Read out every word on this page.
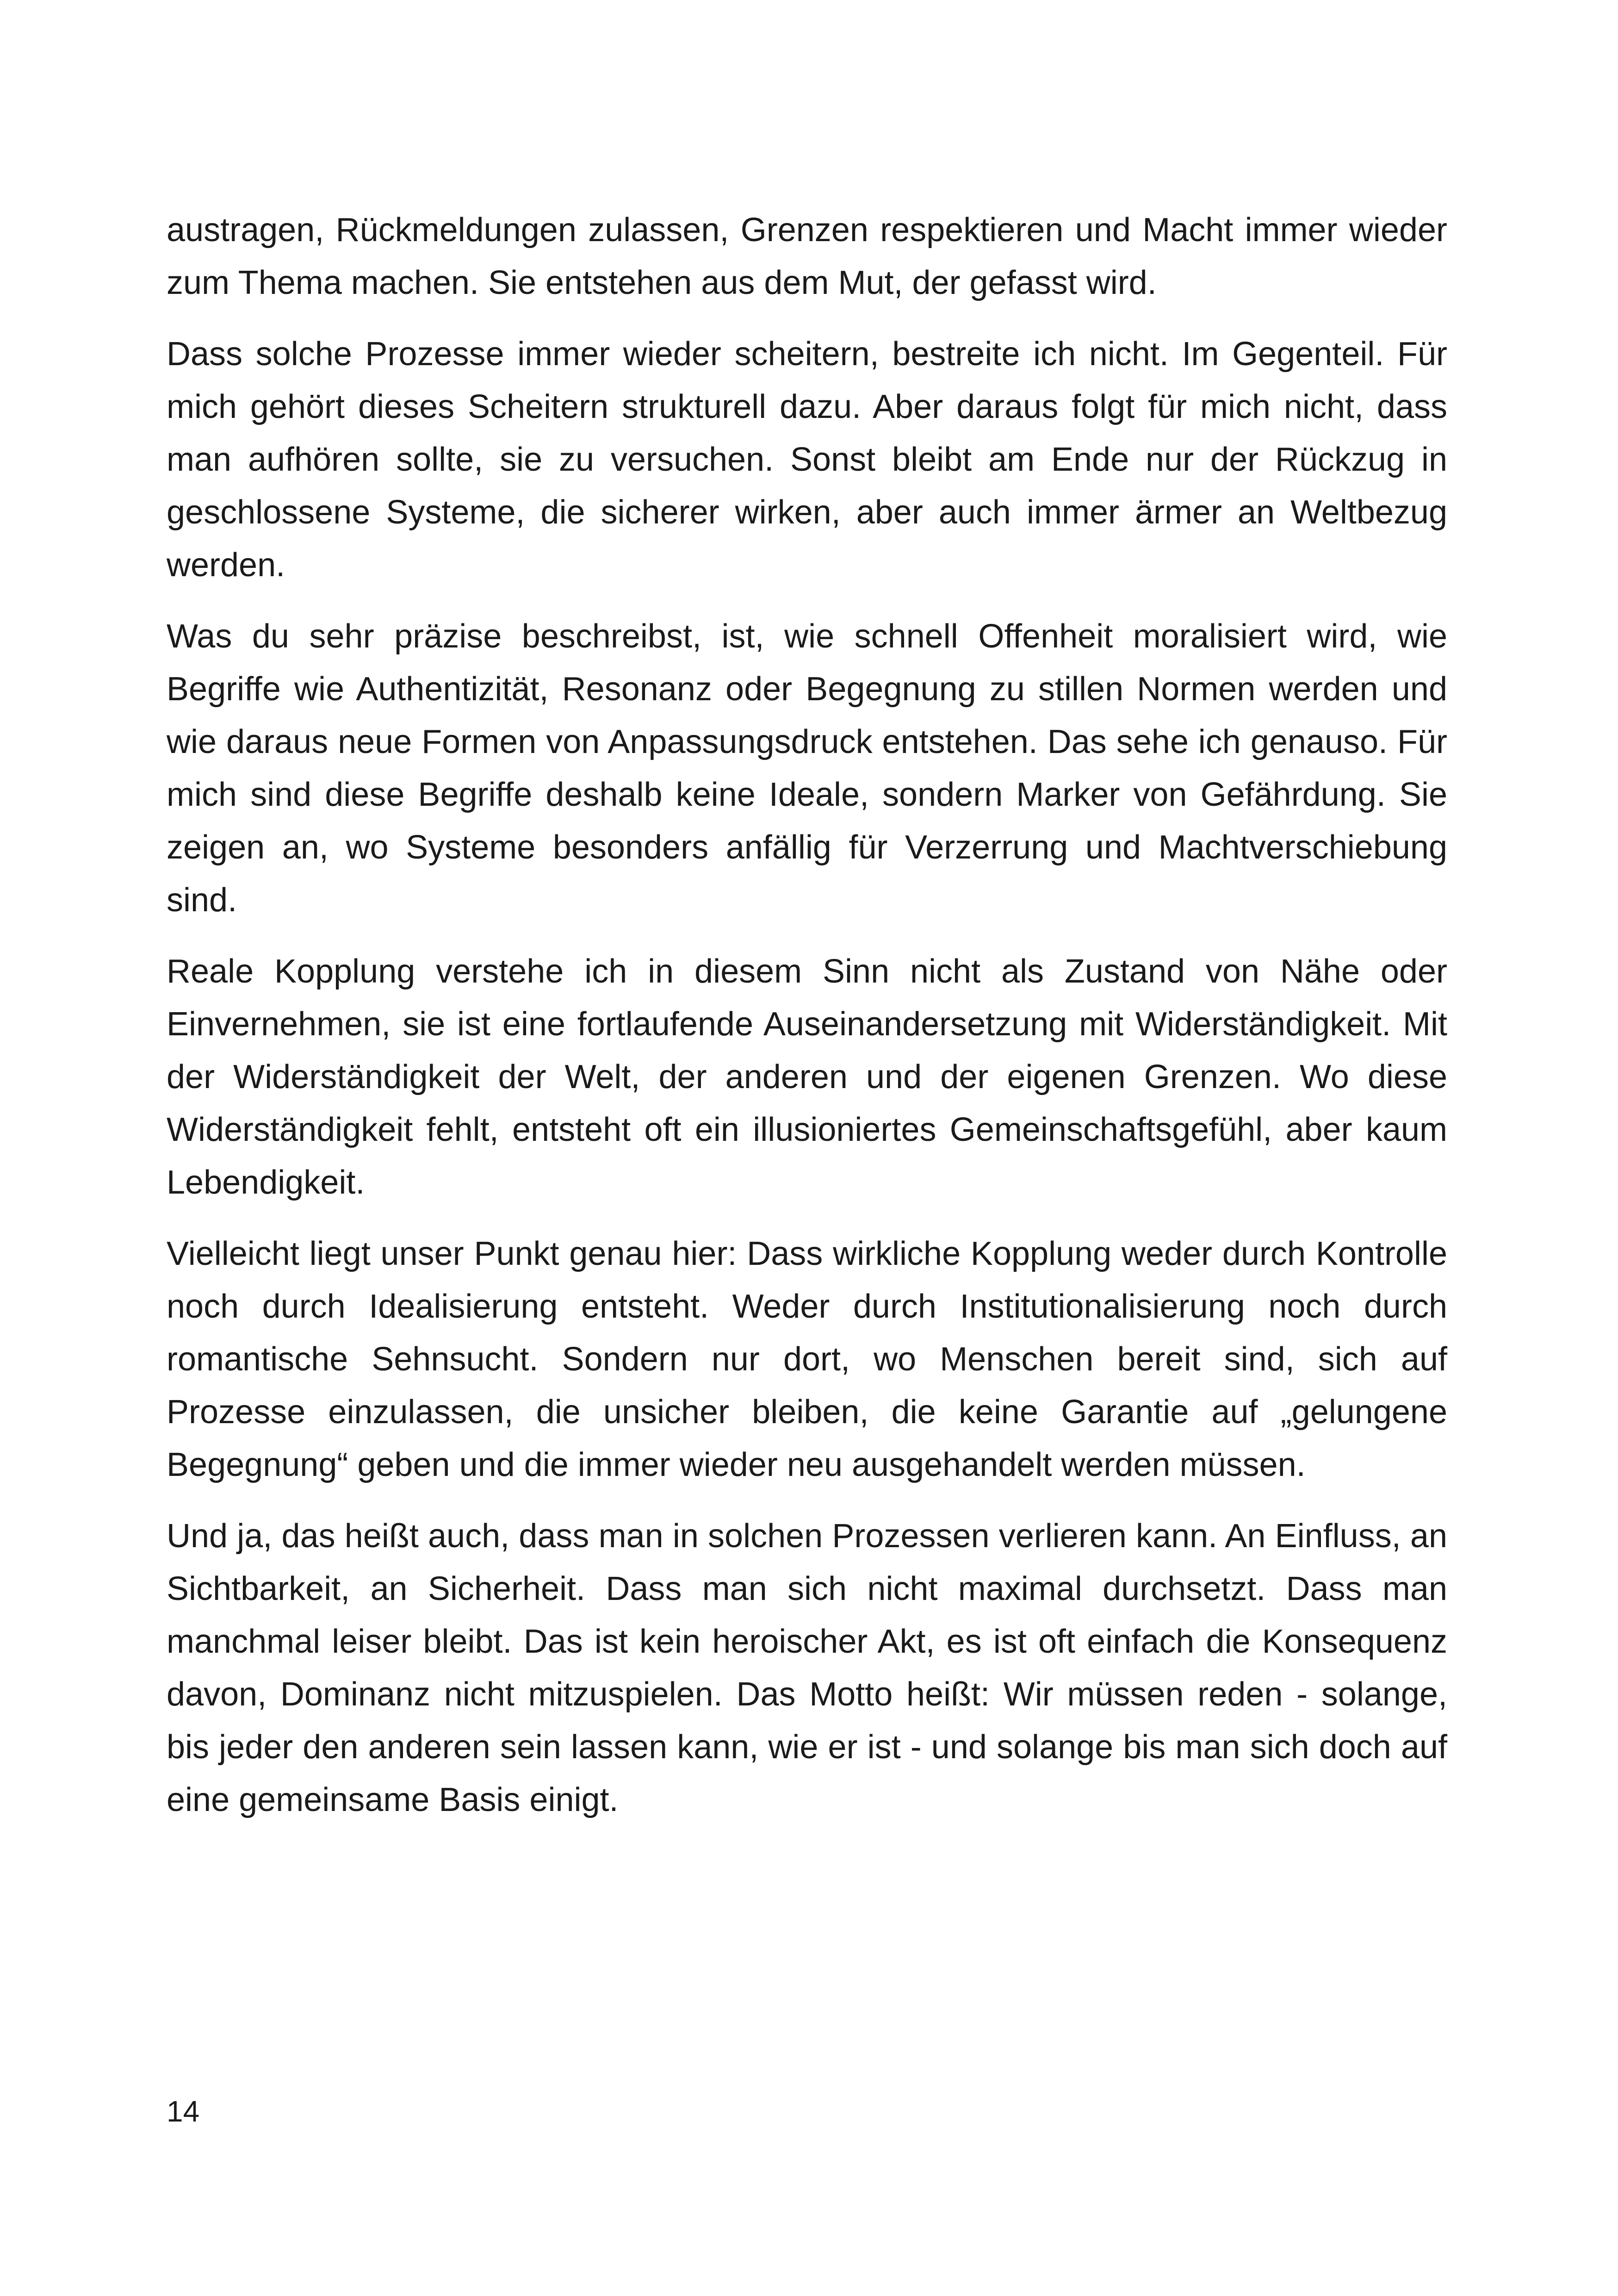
austragen, Rückmeldungen zulassen, Grenzen respektieren und Macht immer wieder zum Thema machen. Sie entstehen aus dem Mut, der gefasst wird.

Dass solche Prozesse immer wieder scheitern, bestreite ich nicht. Im Gegenteil. Für mich gehört dieses Scheitern strukturell dazu. Aber daraus folgt für mich nicht, dass man aufhören sollte, sie zu versuchen. Sonst bleibt am Ende nur der Rückzug in geschlossene Systeme, die sicherer wirken, aber auch immer ärmer an Weltbezug werden.

Was du sehr präzise beschreibst, ist, wie schnell Offenheit moralisiert wird, wie Begriffe wie Authentizität, Resonanz oder Begegnung zu stillen Normen werden und wie daraus neue Formen von Anpassungsdruck entstehen. Das sehe ich genauso. Für mich sind diese Begriffe deshalb keine Ideale, sondern Marker von Gefährdung. Sie zeigen an, wo Systeme besonders anfällig für Verzerrung und Machtverschiebung sind.

Reale Kopplung verstehe ich in diesem Sinn nicht als Zustand von Nähe oder Einvernehmen, sie ist eine fortlaufende Auseinandersetzung mit Widerständigkeit. Mit der Widerständigkeit der Welt, der anderen und der eigenen Grenzen. Wo diese Widerständigkeit fehlt, entsteht oft ein illusioniertes Gemeinschaftsgefühl, aber kaum Lebendigkeit.

Vielleicht liegt unser Punkt genau hier: Dass wirkliche Kopplung weder durch Kontrolle noch durch Idealisierung entsteht. Weder durch Institutionalisierung noch durch romantische Sehnsucht. Sondern nur dort, wo Menschen bereit sind, sich auf Prozesse einzulassen, die unsicher bleiben, die keine Garantie auf „gelungene Begegnung“ geben und die immer wieder neu ausgehandelt werden müssen.

Und ja, das heißt auch, dass man in solchen Prozessen verlieren kann. An Einfluss, an Sichtbarkeit, an Sicherheit. Dass man sich nicht maximal durchsetzt. Dass man manchmal leiser bleibt. Das ist kein heroischer Akt, es ist oft einfach die Konsequenz davon, Dominanz nicht mitzuspielen. Das Motto heißt: Wir müssen reden - solange, bis jeder den anderen sein lassen kann, wie er ist - und solange bis man sich doch auf eine gemeinsame Basis einigt.

14
